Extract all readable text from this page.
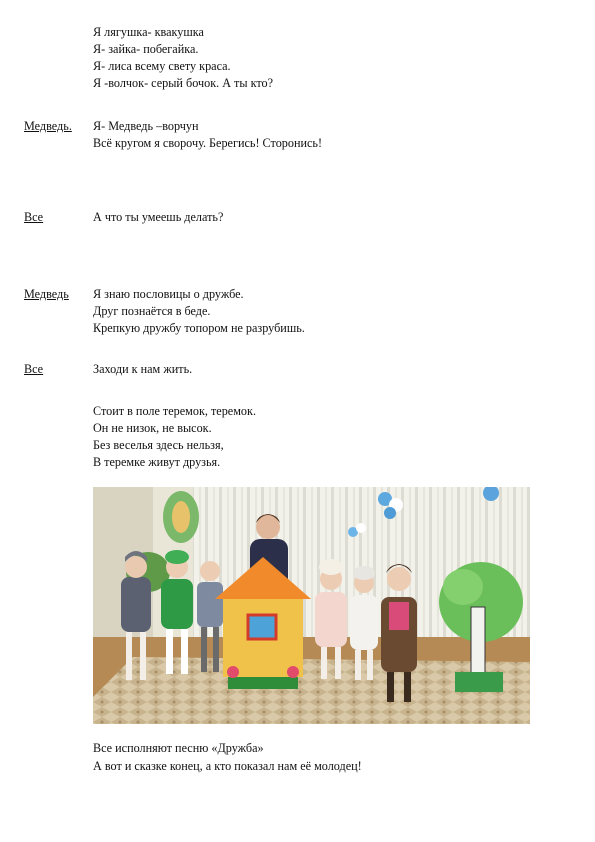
Я лягушка- квакушка
Я- зайка- побегайка.
Я- лиса всему свету краса.
Я -волчок- серый бочок. А ты кто?
Медведь. Я- Медведь –ворчун
Всё кругом я сворочу. Берегись! Сторонись!
Все	А что ты умеешь делать?
Медведь Я знаю пословицы о дружбе.
Друг познаётся в беде.
Крепкую дружбу топором не разрубишь.
Все	Заходи к нам жить.
Стоит в поле теремок, теремок.
Он не низок, не высок.
Без веселья здесь нельзя,
В теремке живут друзья.
Все исполняют песню «Дружба»
А вот и сказке конец, а кто показал нам её молодец!
